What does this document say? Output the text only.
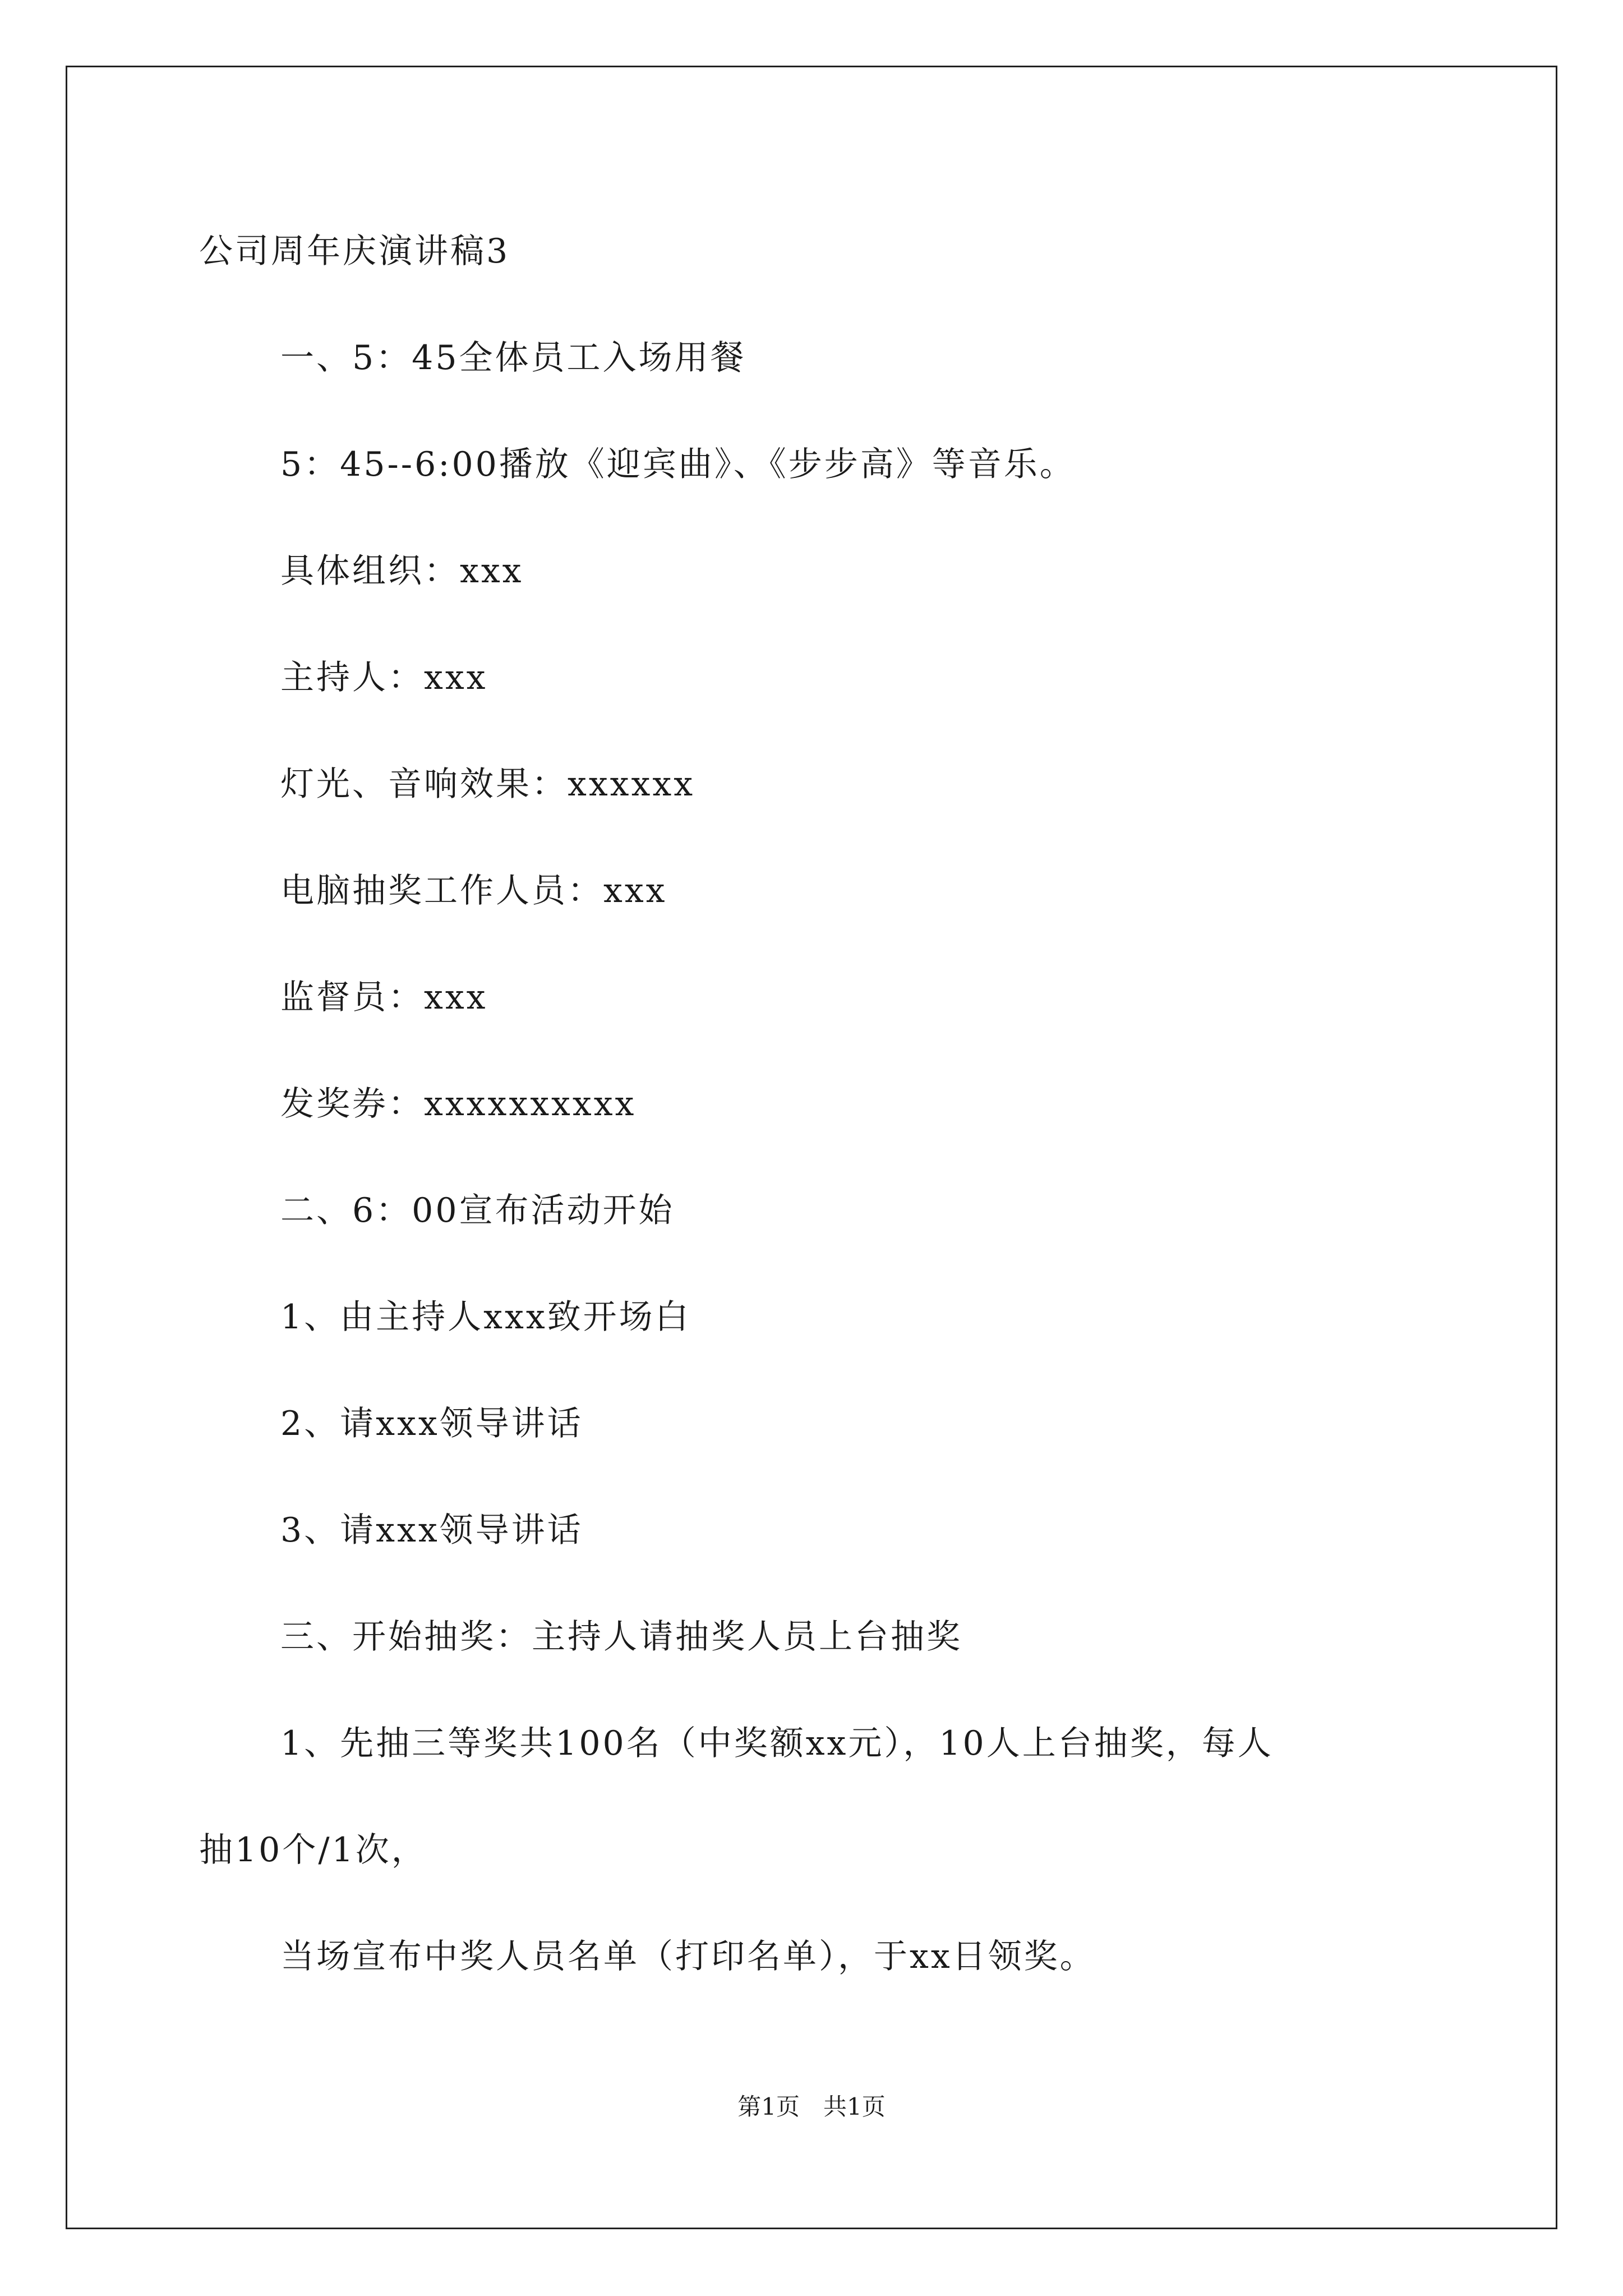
公司周年庆演讲稿3
一、5：45全体员工入场用餐
5：45--6:00播放《迎宾曲》、《步步高》等音乐。
具体组织：xxx
主持人：xxx
灯光、音响效果：xxxxxx
电脑抽奖工作人员：xxx
监督员：xxx
发奖券：xxxxxxxxxx
二、6：00宣布活动开始
1、由主持人xxx致开场白
2、请xxx领导讲话
3、请xxx领导讲话
三、开始抽奖：主持人请抽奖人员上台抽奖
1、先抽三等奖共100名（中奖额xx元），10人上台抽奖，每人
抽10个/1次，
当场宣布中奖人员名单（打印名单），于xx日领奖。
第1页　共1页
